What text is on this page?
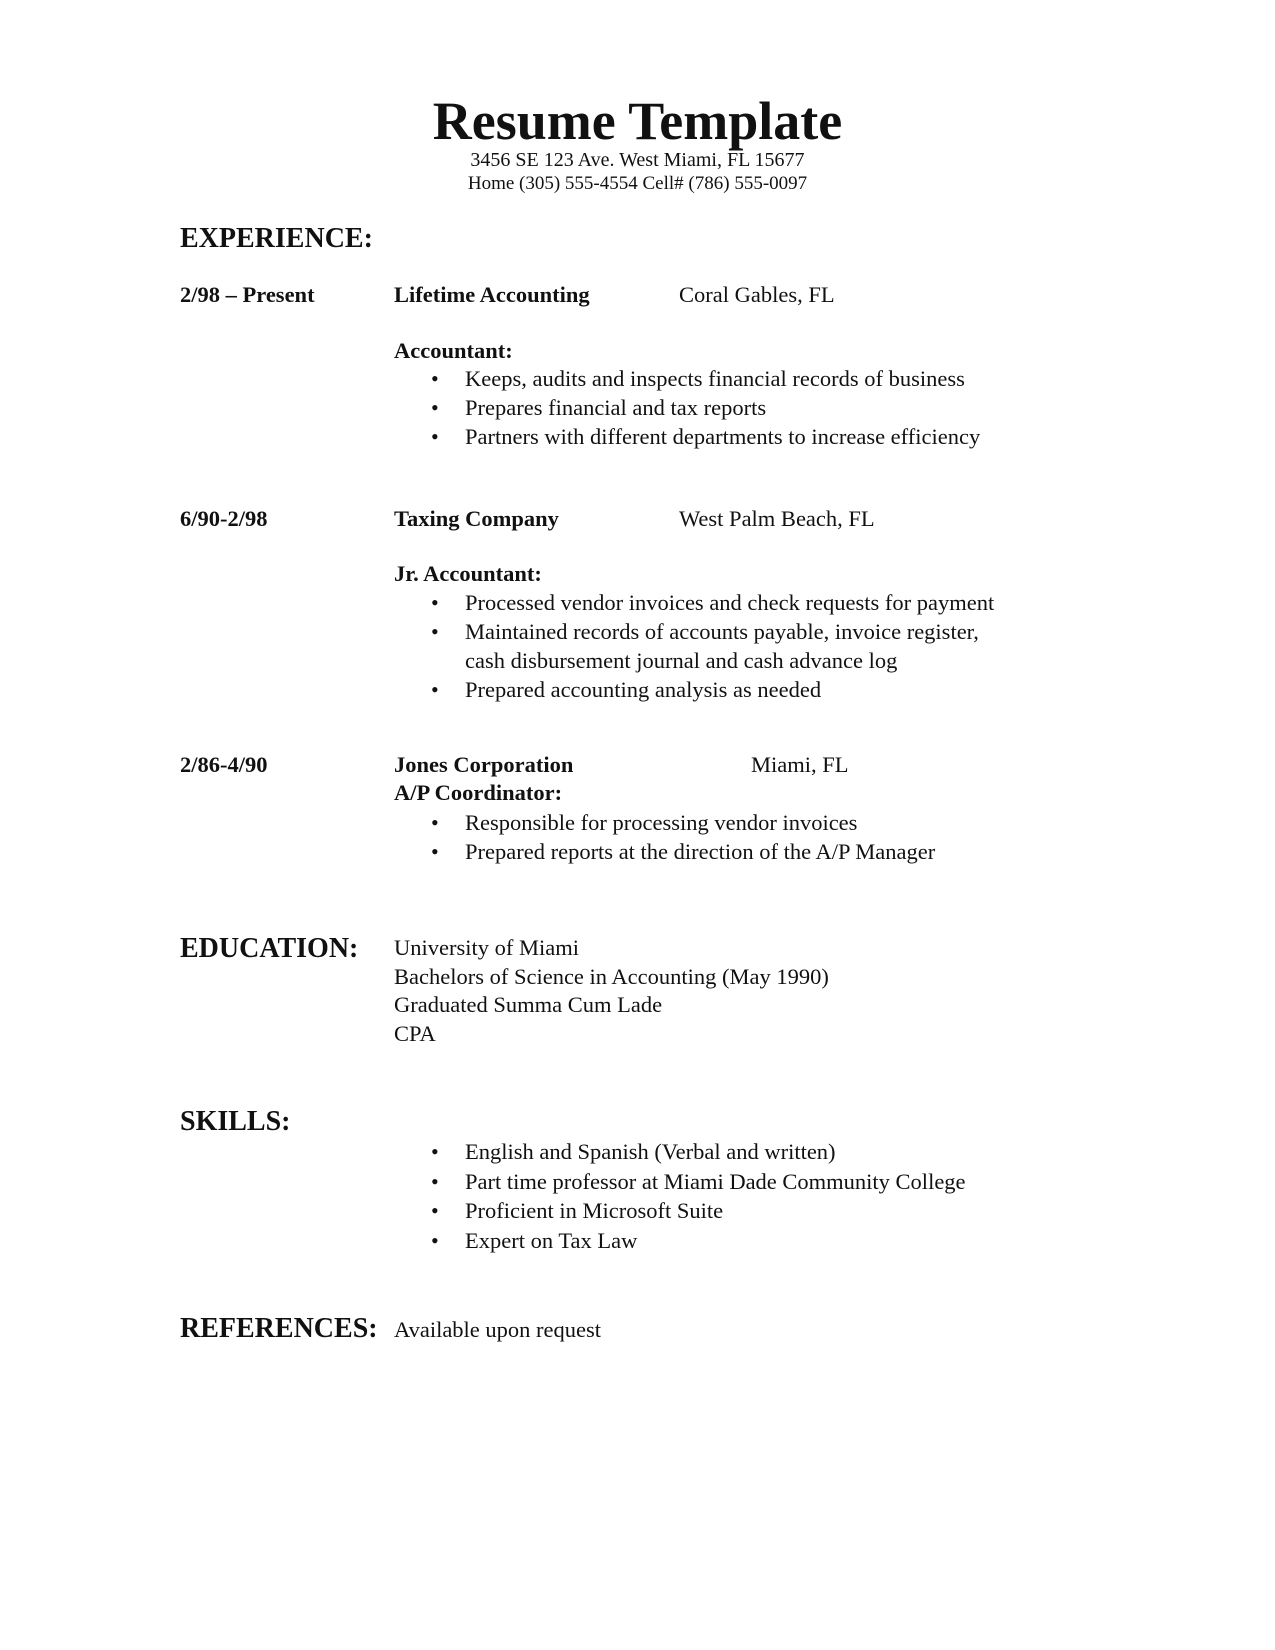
Resume Template
3456 SE 123 Ave. West Miami, FL 15677
Home (305) 555-4554 Cell# (786) 555-0097
EXPERIENCE:
2/98 – Present	Lifetime Accounting	Coral Gables, FL
Accountant:
• Keeps, audits and inspects financial records of business
• Prepares financial and tax reports
• Partners with different departments to increase efficiency
6/90-2/98	Taxing Company	West Palm Beach, FL
Jr. Accountant:
• Processed vendor invoices and check requests for payment
• Maintained records of accounts payable, invoice register,
cash disbursement journal and cash advance log
• Prepared accounting analysis as needed
2/86-4/90	Jones Corporation	Miami, FL
A/P Coordinator:
• Responsible for processing vendor invoices
• Prepared reports at the direction of the A/P Manager
EDUCATION: University of Miami
Bachelors of Science in Accounting (May 1990)
Graduated Summa Cum Lade
CPA
SKILLS:
• English and Spanish (Verbal and written)
• Part time professor at Miami Dade Community College
• Proficient in Microsoft Suite
• Expert on Tax Law
REFERENCES: Available upon request
